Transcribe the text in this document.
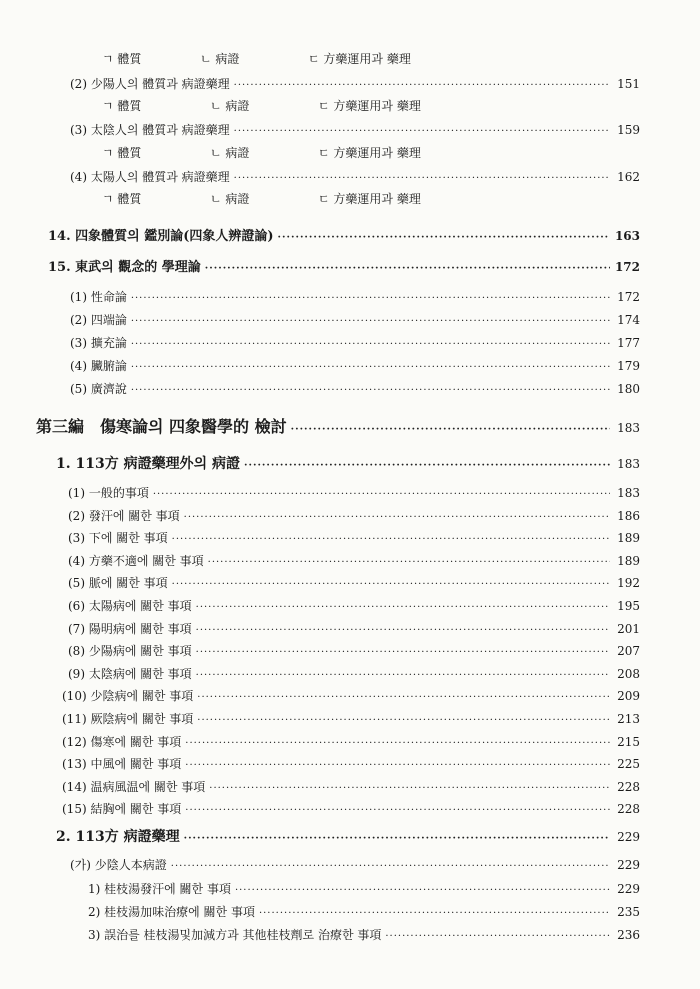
ㄱ 體質	ㄴ 病證	ㄷ 方藥運用과 藥理
(2) 少陽人의 體質과 病證藥理 ·····	151
ㄱ 體質	ㄴ 病證	ㄷ 方藥運用과 藥理
(3) 太陰人의 體質과 病證藥理 ·····	159
ㄱ 體質	ㄴ 病證	ㄷ 方藥運用과 藥理
(4) 太陽人의 體質과 病證藥理 ·····	162
ㄱ 體質	ㄴ 病證	ㄷ 方藥運用과 藥理
14. 四象體質의 鑑別論(四象人辨證論) ·····	163
15. 東武의 觀念的 學理論 ·····	172
(1) 性命論 ·····	172
(2) 四端論 ·····	174
(3) 擴充論 ·····	177
(4) 臟腑論 ·····	179
(5) 廣濟說 ·····	180
第三編　傷寒論의 四象醫學的 檢討 ·····	183
1. 113方 病證藥理外의 病證 ·····	183
(1) 一般的事項 ·····	183
(2) 發汗에 關한 事項 ·····	186
(3) 下에 關한 事項 ·····	189
(4) 方藥不適에 關한 事項 ·····	189
(5) 脈에 關한 事項 ·····	192
(6) 太陽病에 關한 事項 ·····	195
(7) 陽明病에 關한 事項 ·····	201
(8) 少陽病에 關한 事項 ·····	207
(9) 太陰病에 關한 事項 ·····	208
(10) 少陰病에 關한 事項 ·····	209
(11) 厥陰病에 關한 事項 ·····	213
(12) 傷寒에 關한 事項 ·····	215
(13) 中風에 關한 事項 ·····	225
(14) 温病風温에 關한 事項 ·····	228
(15) 結胸에 關한 事項 ·····	228
2. 113方 病證藥理 ·····	229
(가) 少陰人本病證 ·····	229
1) 桂枝湯發汗에 關한 事項 ·····	229
2) 桂枝湯加味治療에 關한 事項 ·····	235
3) 誤治를 桂枝湯및加減方과 其他桂枝劑로 治療한 事項 ·····	236
